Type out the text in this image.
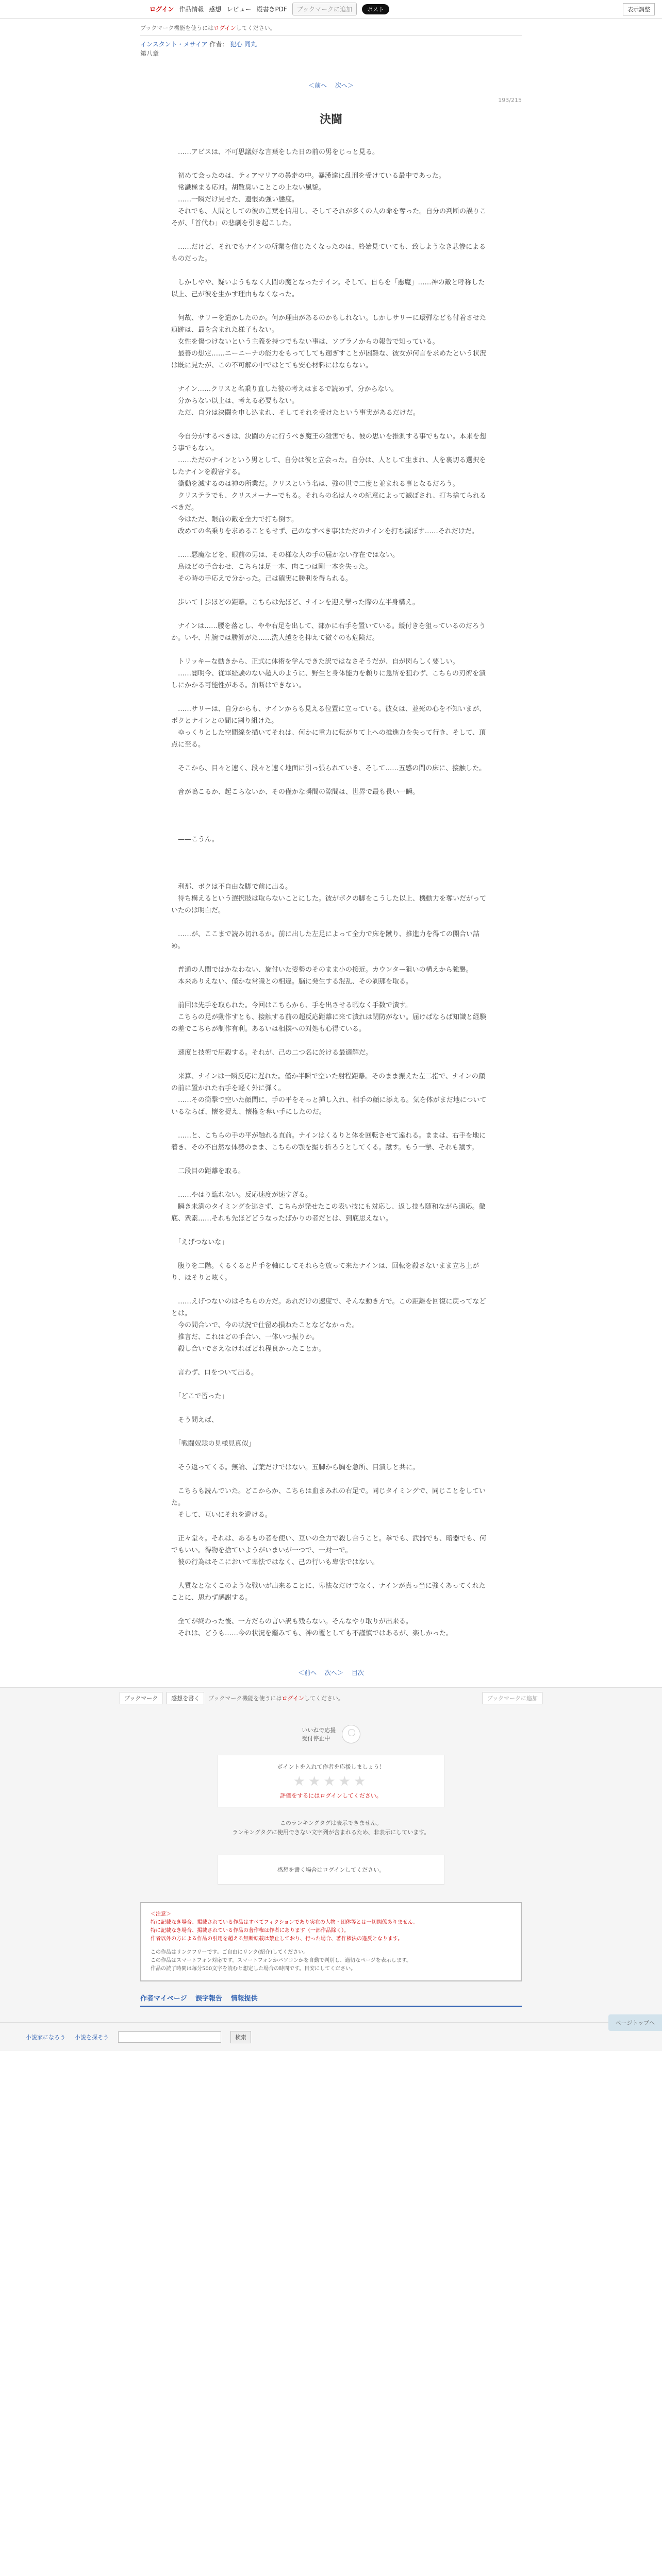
ログイン 作品情報 感想 レビュー 縦書きPDF	ブックマークに追加	ポスト	表示調整
ブックマーク機能を使うにはログインしてください。
インスタント・メサイア 作者： 犯心 同丸
第八章
＜前へ 次へ＞
193/215
決闘

　……アビスは、不可思議好な言葉をした日の前の男をじっと見る。

　初めて会ったのは、ティアマリアの暴走の中。暴漢達に乱刑を受けている最中であった。

　常識極まる応対。胡散臭いことこの上ない風貌。

　……一瞬だけ見せた、遺恨ぬ強い態度。

　それでも、人間としての彼の言葉を信用し、そしてそれが多くの人の命を奪った。自分の判断の誤りこそが、「首代わ」の悲劇を引き起こした。

　……だけど、それでもナインの所業を信じたくなったのは、終始見ていても、致しようなき悲惨によるものだった。

　しかしやや、疑いようもなく人間の魔となったナイン。そして、自らを「悪魔」……神の敵と呼称した以上、己が彼を生かす理由もなくなった。

　何故、サリーを遣かしたのか。何か理由があるのかもしれない。しかしサリーに環弾なども付着させた痕跡は、最を含まれた様子もない。

　女性を傷つけないという主義を持つでもない事は、ソプラノからの報告で知っている。

　最善の想定……ニーニーナの能力をもってしても遡ぎすことが困難な、彼女が何言を求めたという状況は既に見たが、この不可解の中ではとても安心材料にはならない。

　ナイン……クリスと名乗り直した彼の考えはまるで読めず、分からない。

　分からない以上は、考える必要もない。

　ただ、自分は決闘を申し込まれ、そしてそれを受けたという事実があるだけだ。

　今自分がするべきは、決闘の方に行うべき魔王の殺害でも、彼の思いを推測する事でもない。本来を想う事でもない。

　……ただのナインという男として、自分は彼と立会った。自分は、人として生まれ、人を裏切る選択をしたナインを殺害する。

　衝動を滅するのは神の所業だ。クリスという名は、強の世で二度と並まれる事となるだろう。

　クリステラでも、クリスメーナーでもる。それらの名は人々の紀意によって滅ぼされ、打ち捨てられるべきだ。

　今はただ、眼前の敵を全力で打ち倒す。

　改めての名乗りを求めることもせず、己のなすべき事はただのナインを打ち滅ぼす……それだけだ。

　……悪魔などを、眼前の男は、その様な人の手の届かない存在ではない。

　鳥ほどの手合わせ、こちらは足一本、肉こつは剛一本を失った。

　その時の手応えで分かった。己は確実に勝利を得られる。

　歩いて十歩ほどの距離。こちらは先ほど、ナインを迎え撃った際の左半身構え。

　ナインは……腰を落とし、やや右足を出して、部かに右手を置いている。緩付きを狙っているのだろうか。いや、片腕では勝算がた……洗人越をを抑えて微ぐのも危険だ。

　トリッキーな動きから、正式に体術を学んできた訳ではなさそうだが、自が閃らしく要しい。

　……闇明今、従軍経験のない超人のように、野生と身体能力を頼りに急所を狙わず、こちらの刃術を潰しにかかる可能性がある。油断はできない。

　……サリーは、自分からも、ナインからも見える位置に立っている。彼女は、並死の心を不知いまが、ポクとナインとの間に割り組けた。

　ゆっくりとした空間線を描いてそれは、何かに重力に転がりて上への推進力を失って行き、そして、頂点に至る。

　そこから、目々と速く、段々と速く地面に引っ張られていき、そして……五感の間の床に、接触した。

　音が鳴こるか、起こらないか、その僅かな瞬間の隙間は、世界で最も長い一瞬。

　——こうん。

　利那、ボクは不自由な脚で前に出る。

　待ち構えるという選択肢は取らないことにした。彼がボクの脚をこうした以上、機動力を奪いだがっていたのは明白だ。

　……が、ここまで読み切れるか。前に出した左足によって全力で床を蹴り、推進力を得ての開合い詰め。

　普通の人間ではかなわない、旋付いた姿勢のそのまま小の接近。カウンター狙いの構えから強襲。

　本来ありえない、僅かな常識との相違。脳に発生する混乱、その刹那を取る。

　前回は先手を取られた。今回はこちらから、手を出させる暇なく手数で潰す。

　こちらの足が動作すとも、接触する前の超反応距離に来て潰れは閉防がない。届けばならば知識と経験の差でこちらが制作有利。あるいは相撲への対処も心得ている。

　速度と技術で圧殺する。それが、己の二つ名に於ける最適解だ。

　来算、ナインは一瞬反応に遅れた。僅か半瞬で空いた射程距離。そのまま振えた左二指で、ナインの顔の前に置かれた右手を軽く外に弾く。

　……その衝撃で空いた顔間に、手の平をそっと挿し入れ、相手の顔に添える。気を体がまだ地についているならば、懐を捉え、懐権を奪い手にしたのだ。

　……と、こちらの手の平が触れる直前。ナインはくるりと体を回転させて遠れる。ままは、右手を地に着き、その不自然な体勢のまま、こちらの顎を撮り折ろうとしてくる。蹴す。もう一撃、それも蹴す。

　二段目の距離を取る。

　……やはり臨れない。反応速度が速すぎる。

　瞬き未満のタイミングを逃さず、こちらが発せたこの表い技にも対応し、返し技も随和ながら適応。徹底、衆素……それも先ほどどうなったばかりの者だとは、到底思えない。

　「えげつないな」

　腹りを二階。くるくると片手を軸にしてそれらを放って来たナインは、回転を殺さないまま立ち上がり、ほそりと呟く。

　……えげつないのはそちらの方だ。あれだけの速度で、そんな動き方で。この距離を回復に戻ってなどとは。

　今の間合いで、今の状況で仕留め損ねたことなどなかった。

　推言だ、これはどの手合い、一体いつ振りか。

　殺し合いでさえなければどれ程良かったことか。

　言わず、口をついて出る。

　「どこで習った」

　そう問えば、

　「戦闘奴隷の見様見真似」

　そう返ってくる。無論、言葉だけではない。五脚から胸を急所、目潰しと共に。

　こちらも読んでいた。どこからか、こちらは血まみれの右足で。同じタイミングで、同じことをしていた。

　そして、互いにそれを避ける。

　正々堂々。それは、あるもの者を使い、互いの全力で殺し合うこと。拳でも、武器でも、暗器でも、何でもいい。得物を捨ていようがいまいが一つで、一対一で。

　彼の行為はそこにおいて卑怯ではなく、己の行いも卑怯ではない。

　人質なとなくこのような戦いが出来ることに、卑怯なだけでなく、ナインが真っ当に強くあってくれたことに、思わず感謝する。

　全てが終わった後、一方だらの言い訳も残らない。そんなやり取りが出来る。

　それは、どうも……今の状況を鑑みても、神の覆としても不謹慎ではあるが、楽しかった。

＜前へ 次へ＞ 目次
ページトップへ
ブックマーク	感想を書く	ブックマーク機能を使うにはログインしてください。	ブックマークに追加
いいねで応援
受付停止中
ポイントを入れて作者を応援しましょう！
★★★★★
評価をするにはログインしてください。
このランキングタグは表示できません。
ランキングタグに使用できない文字列が含まれるため、非表示にしています。
感想を書く場合はログインしてください。
＜注意＞
特に記載なき場合、掲載されている作品はすべてフィクションであり実在の人物・団体等とは一切関係ありません。
特に記載なき場合、掲載されている作品の著作権は作者にあります（一部作品除く）。
作者以外の方による作品の引用を超える無断転載は禁止しており、行った場合、著作権法の違反となります。
この作品はリンクフリーです。ご自由にリンク(紹介)してください。
この作品はスマートフォン対応です。スマートフォンかパソコンかを自動で判別し、適切なページを表示します。
作品の読了時間は毎分500文字を読むと想定した場合の時間です。目安にしてください。
作者マイページ 誤字報告 情報提供
小説家になろう 小説を探そう	検索
